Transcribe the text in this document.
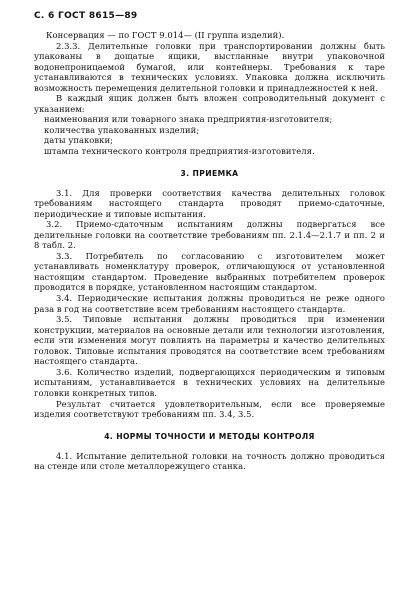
С. 6 ГОСТ 8615—89

Консервация — по ГОСТ 9.014— (II группа изделий).

2.3.3. Делительные головки при транспортировании должны быть упакованы в дощатые ящики, выстланные внутри упаковочной водонепроницаемой бумагой, или контейнеры. Требования к таре устанавливаются в технических условиях. Упаковка должна исключить возможность перемещения делительной головки и принадлежностей к ней.

В каждый ящик должен быть вложен сопроводительный документ с указанием:

наименования или товарного знака предприятия-изготовителя;

количества упакованных изделий;

даты упаковки;

штампа технического контроля предприятия-изготовителя.

3. ПРИЕМКА

3.1. Для проверки соответствия качества делительных головок требованиям настоящего стандарта проводят приемо-сдаточные, периодические и типовые испытания.

3.2. Приемо-сдаточным испытаниям должны подвергаться все делительные головки на соответствие требованиям пп. 2.1.4—2.1.7 и пп. 2 и 8 табл. 2.

3.3. Потребитель по согласованию с изготовителем может устанавливать номенклатуру проверок, отличающуюся от установленной настоящим стандартом. Проведение выбранных потребителем проверок проводится в порядке, установленном настоящим стандартом.

3.4. Периодические испытания должны проводиться не реже одного раза в год на соответствие всем требованиям настоящего стандарта.

3.5. Типовые испытания должны проводиться при изменении конструкции, материалов на основные детали или технологии изготовления, если эти изменения могут повлиять на параметры и качество делительных головок. Типовые испытания проводятся на соответствие всем требованиям настоящего стандарта.

3.6. Количество изделий, подвергающихся периодическим и типовым испытаниям, устанавливается в технических условиях на делительные головки конкретных типов.

Результат считается удовлетворительным, если все проверяемые изделия соответствуют требованиям пп. 3.4, 3.5.

4. НОРМЫ ТОЧНОСТИ И МЕТОДЫ КОНТРОЛЯ

4.1. Испытание делительной головки на точность должно проводиться на стенде или столе металлорежущего станка.
